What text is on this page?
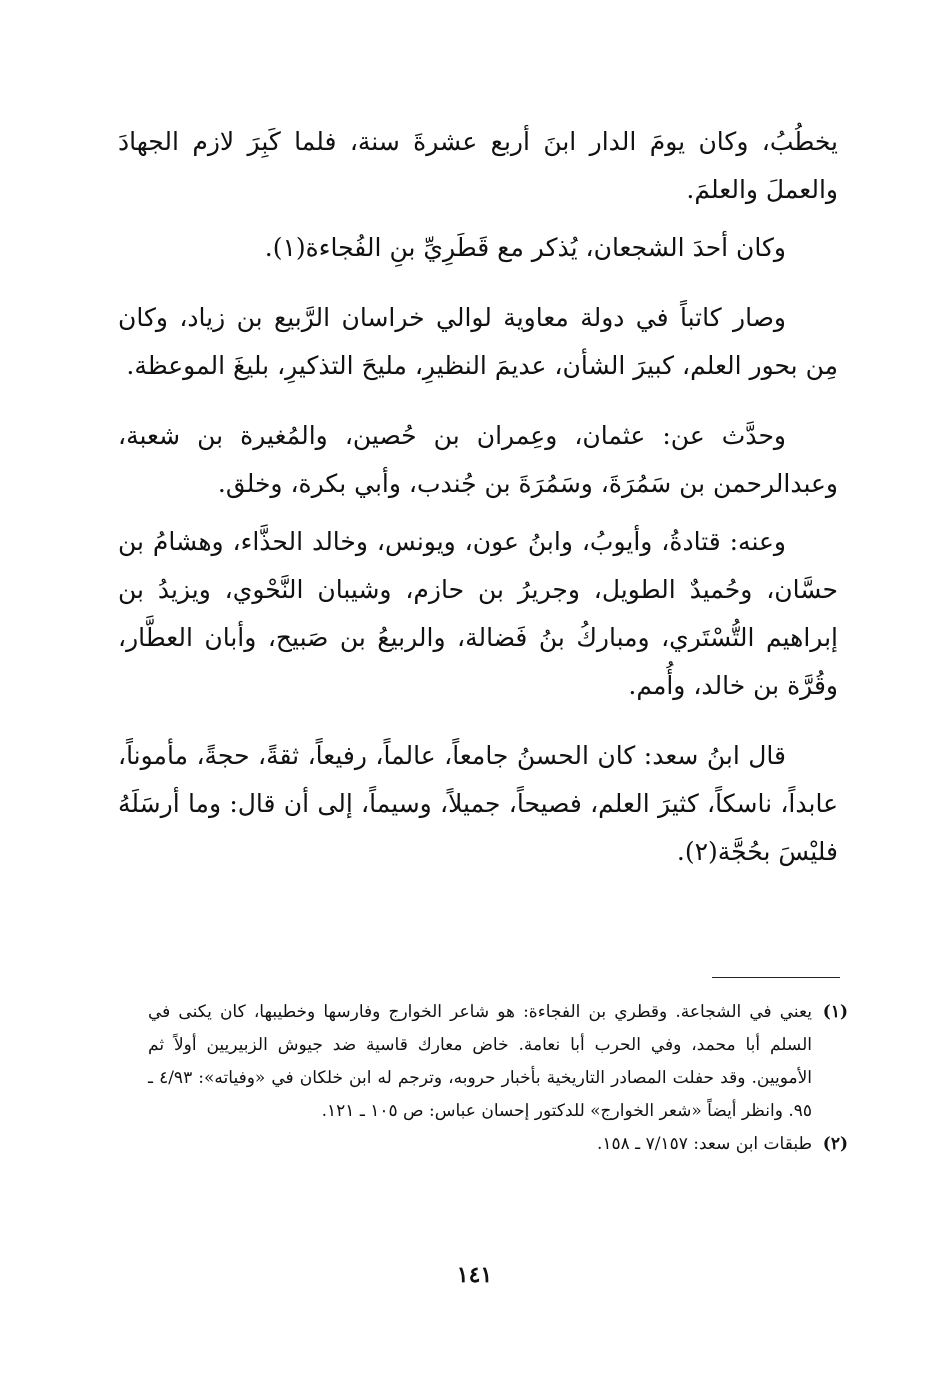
يخطُبُ، وكان يومَ الدار ابنَ أربع عشرةَ سنة، فلما كَبِرَ لازم الجهادَ والعملَ والعلمَ.

وكان أحدَ الشجعان، يُذكر مع قَطَرِيِّ بنِ الفُجاءة(١).

وصار كاتباً في دولة معاوية لوالي خراسان الرَّبيع بن زياد، وكان مِن بحور العلم، كبيرَ الشأن، عديمَ النظيرِ، مليحَ التذكيرِ، بليغَ الموعظة.

وحدَّث عن: عثمان، وعِمران بن حُصين، والمُغيرة بن شعبة، وعبدالرحمن بن سَمُرَةَ، وسَمُرَةَ بن جُندب، وأبي بكرة، وخلق.

وعنه: قتادةُ، وأيوبُ، وابنُ عون، ويونس، وخالد الحذَّاء، وهشامُ بن حسَّان، وحُميدٌ الطويل، وجريرُ بن حازم، وشيبان النَّحْوي، ويزيدُ بن إبراهيم التُّسْتَري، ومباركُ بنُ فَضالة، والربيعُ بن صَبيح، وأبان العطَّار، وقُرَّة بن خالد، وأُمم.

قال ابنُ سعد: كان الحسنُ جامعاً، عالماً، رفيعاً، ثقةً، حجةً، مأموناً، عابداً، ناسكاً، كثيرَ العلم، فصيحاً، جميلاً، وسيماً، إلى أن قال: وما أرسَلَهُ فليْسَ بحُجَّة(٢).

(١)
يعني في الشجاعة. وقطري بن الفجاءة: هو شاعر الخوارج وفارسها وخطيبها، كان يكنى في السلم أبا محمد، وفي الحرب أبا نعامة. خاض معارك قاسية ضد جيوش الزبيريين أولاً ثم الأمويين. وقد حفلت المصادر التاريخية بأخبار حروبه، وترجم له ابن خلكان في «وفياته»: ٤/٩٣ ـ ٩٥. وانظر أيضاً «شعر الخوارج» للدكتور إحسان عباس: ص ١٠٥ ـ ١٢١.
(٢)
طبقات ابن سعد: ٧/١٥٧ ـ ١٥٨.
١٤١
